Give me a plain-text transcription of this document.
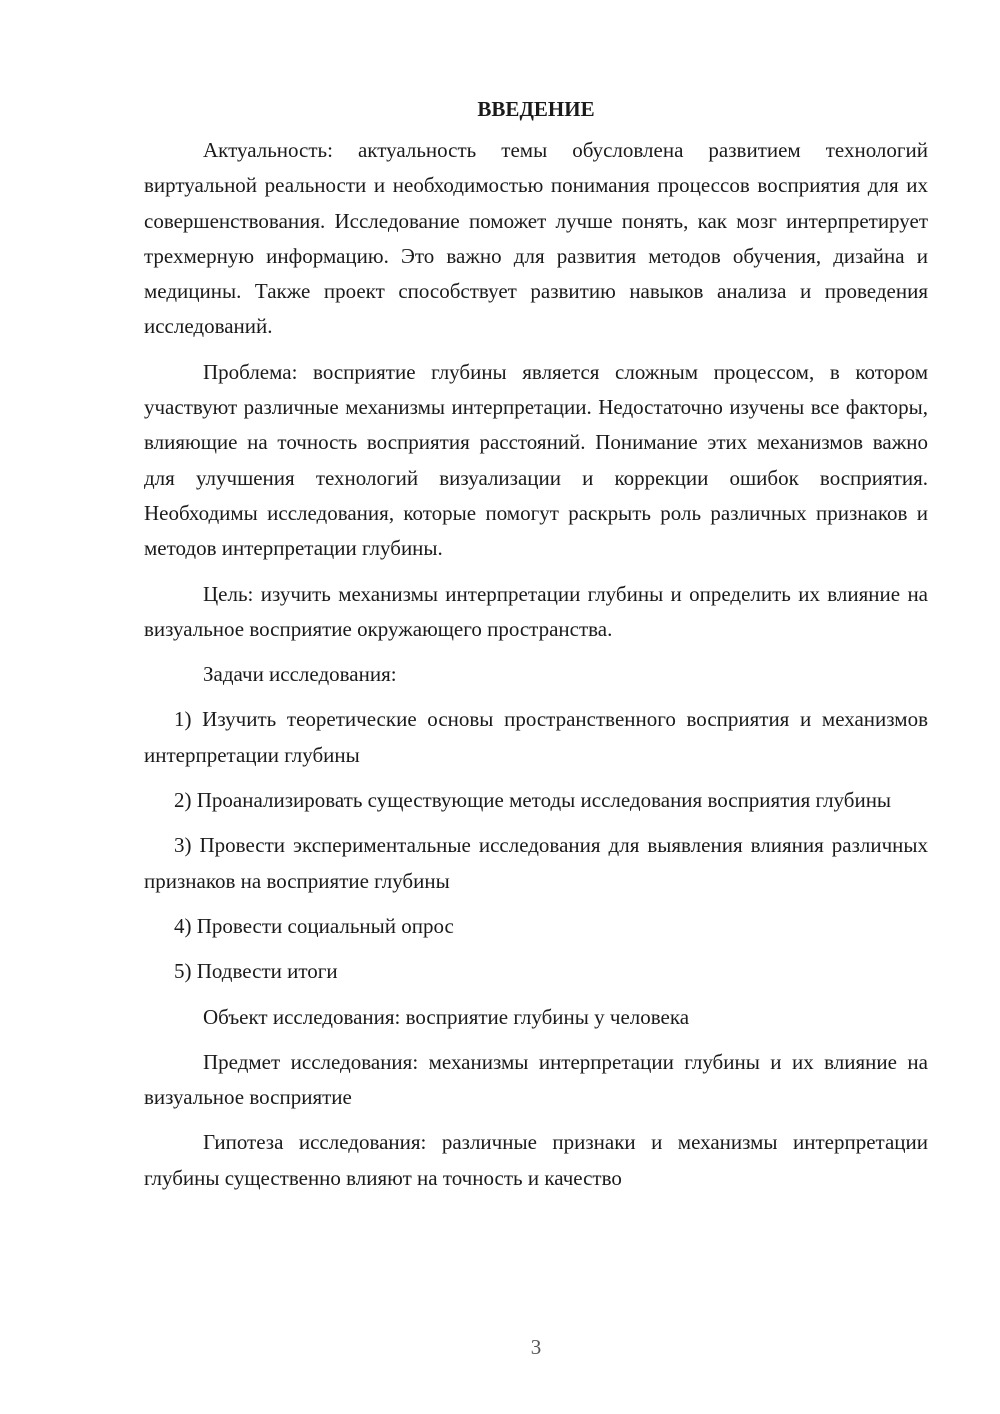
ВВЕДЕНИЕ

Актуальность: актуальность темы обусловлена развитием технологий виртуальной реальности и необходимостью понимания процессов восприятия для их совершенствования. Исследование поможет лучше понять, как мозг интерпретирует трехмерную информацию. Это важно для развития методов обучения, дизайна и медицины. Также проект способствует развитию навыков анализа и проведения исследований.

Проблема: восприятие глубины является сложным процессом, в котором участвуют различные механизмы интерпретации. Недостаточно изучены все факторы, влияющие на точность восприятия расстояний. Понимание этих механизмов важно для улучшения технологий визуализации и коррекции ошибок восприятия. Необходимы исследования, которые помогут раскрыть роль различных признаков и методов интерпретации глубины.

Цель: изучить механизмы интерпретации глубины и определить их влияние на визуальное восприятие окружающего пространства.

Задачи исследования:

1) Изучить теоретические основы пространственного восприятия и механизмов интерпретации глубины

2) Проанализировать существующие методы исследования восприятия глубины

3) Провести экспериментальные исследования для выявления влияния различных признаков на восприятие глубины

4) Провести социальный опрос

5) Подвести итоги

Объект исследования: восприятие глубины у человека

Предмет исследования: механизмы интерпретации глубины и их влияние на визуальное восприятие

Гипотеза исследования: различные признаки и механизмы интерпретации глубины существенно влияют на точность и качество

3
